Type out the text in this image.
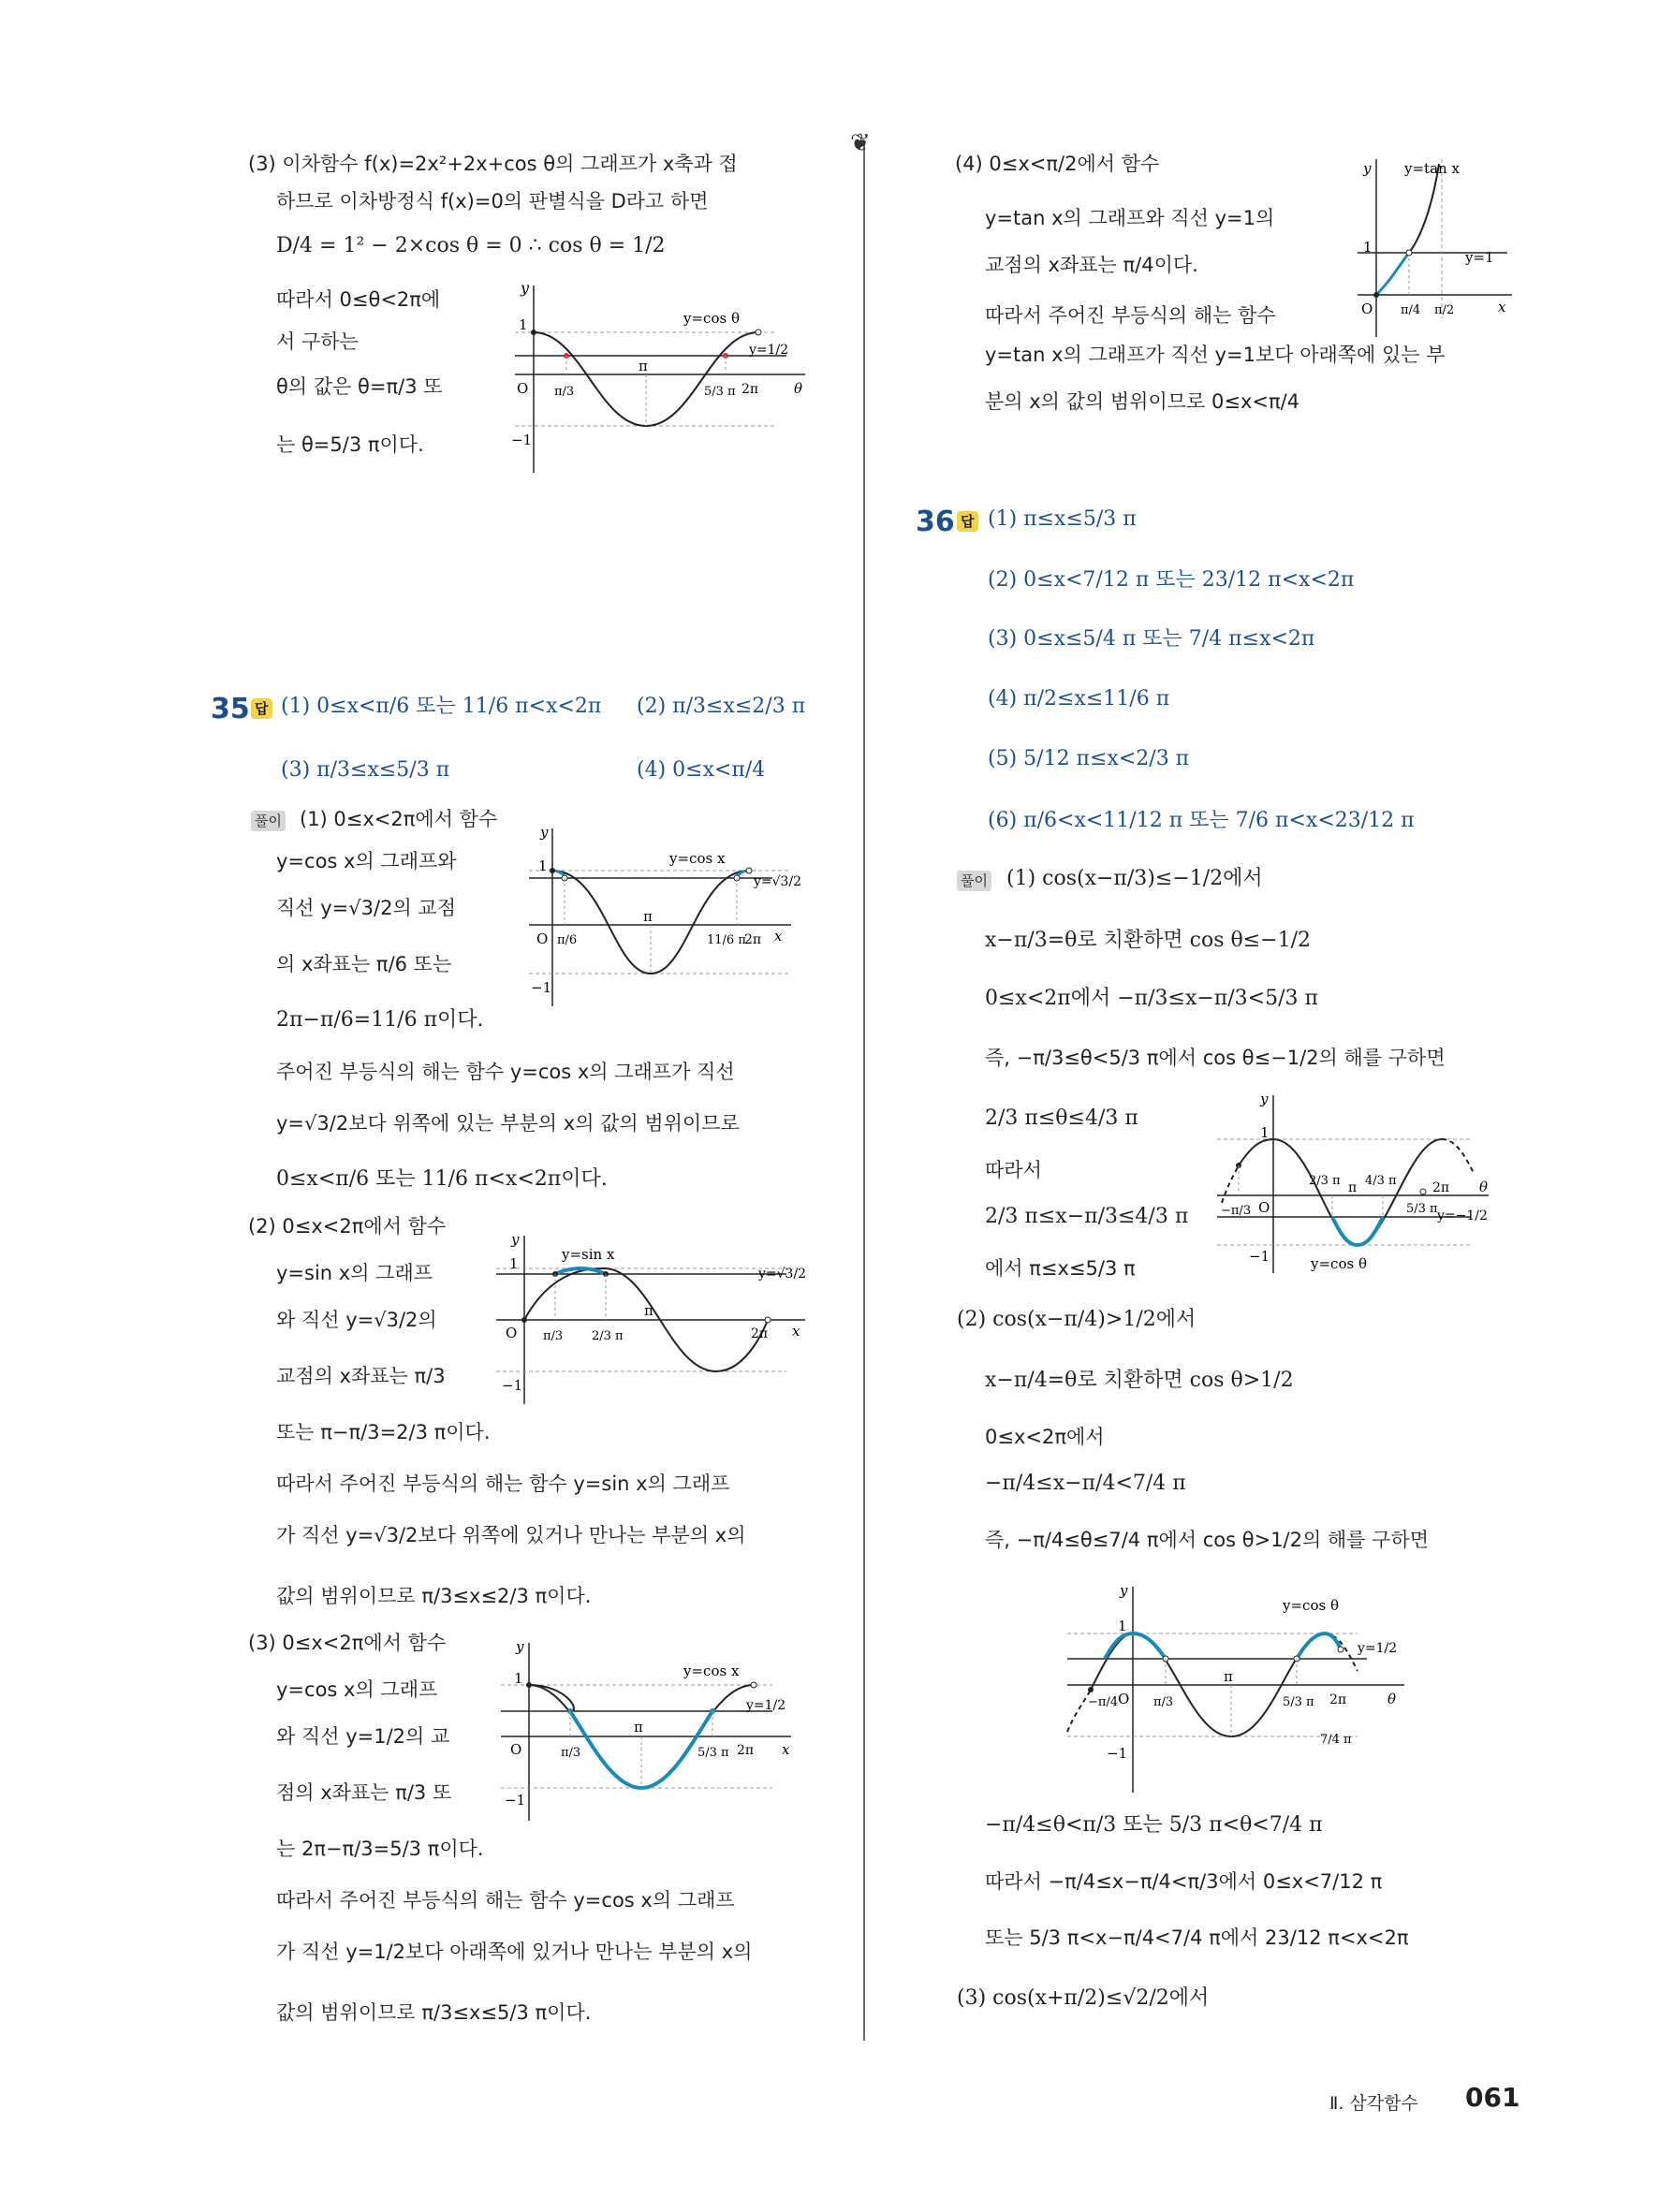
❦
(3) 이차함수 f(x)=2x²+2x+cos θ의 그래프가 x축과 접
하므로 이차방정식 f(x)=0의 판별식을 D라고 하면
D/4 = 1² − 2×cos θ = 0 ∴ cos θ = 1/2
따라서 0≤θ<2π에
서 구하는
θ의 값은 θ=π/3 또
는 θ=5/3 π이다.
y
1
−1
O
π
2π
π/3	5/3 π
y=cos θ
y=1/2
θ
(4) 0≤x<π/2에서 함수
y=tan x의 그래프와 직선 y=1의
교점의 x좌표는 π/4이다.
따라서 주어진 부등식의 해는 함수
y=tan x의 그래프가 직선 y=1보다 아래쪽에 있는 부
분의 x의 값의 범위이므로 0≤x<π/4
y
1
O π/4 π/2
y=tan x
y=1
x
35 답 (1) 0≤x<π/6 또는 11/6 π<x<2π (2) π/3≤x≤2/3 π
(3) π/3≤x≤5/3 π	(4) 0≤x<π/4
풀이 (1) 0≤x<2π에서 함수
y=cos x의 그래프와
직선 y=√3/2의 교점
의 x좌표는 π/6 또는
2π−π/6=11/6 π이다.
주어진 부등식의 해는 함수 y=cos x의 그래프가 직선
y=√3/2보다 위쪽에 있는 부분의 x의 값의 범위이므로
0≤x<π/6 또는 11/6 π<x<2π이다.
y
1
−1
O
π
2π
π/6	11/6 π
y=cos x
y=√3/2
x
(2) 0≤x<2π에서 함수
y=sin x의 그래프
와 직선 y=√3/2의
교점의 x좌표는 π/3
또는 π−π/3=2/3 π이다.
따라서 주어진 부등식의 해는 함수 y=sin x의 그래프
가 직선 y=√3/2보다 위쪽에 있거나 만나는 부분의 x의
값의 범위이므로 π/3≤x≤2/3 π이다.
y
1
−1
O
π
2π
π/3 2/3 π
y=sin x
y=√3/2
x
(3) 0≤x<2π에서 함수
y=cos x의 그래프
와 직선 y=1/2의 교
점의 x좌표는 π/3 또
는 2π−π/3=5/3 π이다.
따라서 주어진 부등식의 해는 함수 y=cos x의 그래프
가 직선 y=1/2보다 아래쪽에 있거나 만나는 부분의 x의
값의 범위이므로 π/3≤x≤5/3 π이다.
y
1
−1
O
π
2π
π/3	5/3 π
y=cos x
y=1/2
x
36 답 (1) π≤x≤5/3 π
(2) 0≤x<7/12 π 또는 23/12 π<x<2π
(3) 0≤x≤5/4 π 또는 7/4 π≤x<2π
(4) π/2≤x≤11/6 π
(5) 5/12 π≤x<2/3 π
(6) π/6<x<11/12 π 또는 7/6 π<x<23/12 π
풀이 (1) cos(x−π/3)≤−1/2에서
x−π/3=θ로 치환하면 cos θ≤−1/2
0≤x<2π에서 −π/3≤x−π/3<5/3 π
즉, −π/3≤θ<5/3 π에서 cos θ≤−1/2의 해를 구하면
2/3 π≤θ≤4/3 π
따라서
2/3 π≤x−π/3≤4/3 π
에서 π≤x≤5/3 π
y
1
−1
O
π	2π
−π/3
2/3 π 4/3 π
5/3 π
y=cos θ
y=−1/2
θ
(2) cos(x−π/4)>1/2에서
x−π/4=θ로 치환하면 cos θ>1/2
0≤x<2π에서
−π/4≤x−π/4<7/4 π
즉, −π/4≤θ≤7/4 π에서 cos θ>1/2의 해를 구하면
y
1
−1
O
π
2π
−π/4	π/3	5/3 π
7/4 π
y=cos θ
y=1/2
θ
−π/4≤θ<π/3 또는 5/3 π<θ<7/4 π
따라서 −π/4≤x−π/4<π/3에서 0≤x<7/12 π
또는 5/3 π<x−π/4<7/4 π에서 23/12 π<x<2π
(3) cos(x+π/2)≤√2/2에서
Ⅱ. 삼각함수 061
